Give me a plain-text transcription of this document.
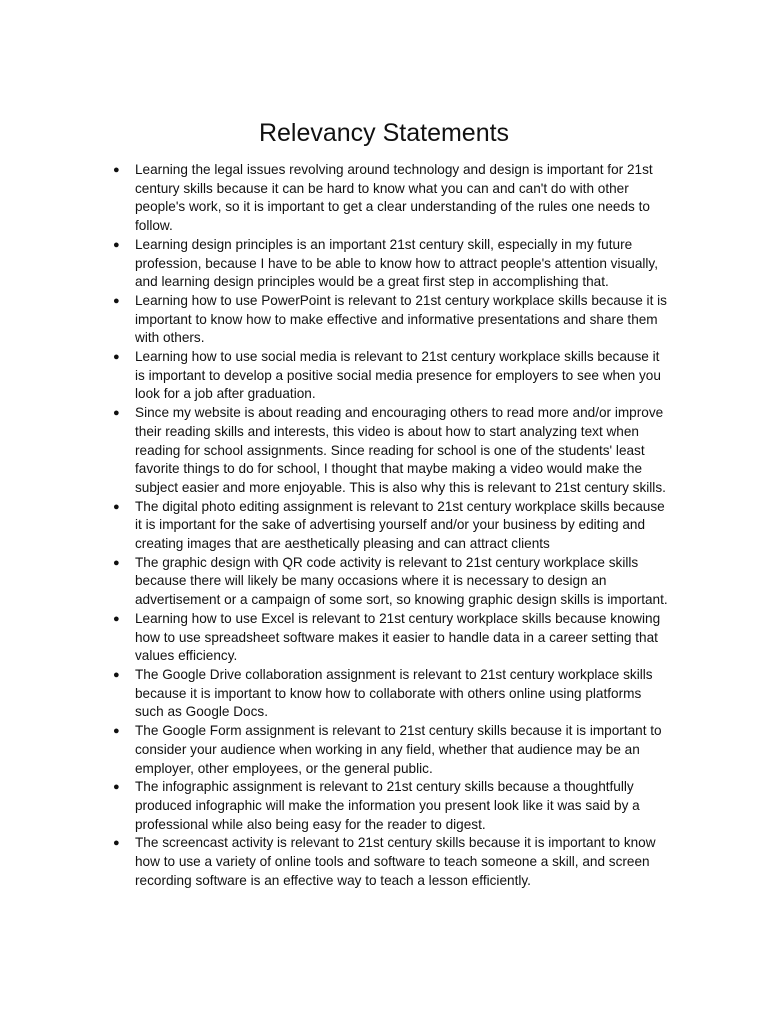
Relevancy Statements
● Learning the legal issues revolving around technology and design is important for 21st
century skills because it can be hard to know what you can and can't do with other
people's work, so it is important to get a clear understanding of the rules one needs to
follow.
● Learning design principles is an important 21st century skill, especially in my future
profession, because I have to be able to know how to attract people's attention visually,
and learning design principles would be a great first step in accomplishing that.
● Learning how to use PowerPoint is relevant to 21st century workplace skills because it is
important to know how to make effective and informative presentations and share them
with others.
● Learning how to use social media is relevant to 21st century workplace skills because it
is important to develop a positive social media presence for employers to see when you
look for a job after graduation.
● Since my website is about reading and encouraging others to read more and/or improve
their reading skills and interests, this video is about how to start analyzing text when
reading for school assignments. Since reading for school is one of the students' least
favorite things to do for school, I thought that maybe making a video would make the
subject easier and more enjoyable. This is also why this is relevant to 21st century skills.
● The digital photo editing assignment is relevant to 21st century workplace skills because
it is important for the sake of advertising yourself and/or your business by editing and
creating images that are aesthetically pleasing and can attract clients
● The graphic design with QR code activity is relevant to 21st century workplace skills
because there will likely be many occasions where it is necessary to design an
advertisement or a campaign of some sort, so knowing graphic design skills is important.
● Learning how to use Excel is relevant to 21st century workplace skills because knowing
how to use spreadsheet software makes it easier to handle data in a career setting that
values efficiency.
● The Google Drive collaboration assignment is relevant to 21st century workplace skills
because it is important to know how to collaborate with others online using platforms
such as Google Docs.
● The Google Form assignment is relevant to 21st century skills because it is important to
consider your audience when working in any field, whether that audience may be an
employer, other employees, or the general public.
● The infographic assignment is relevant to 21st century skills because a thoughtfully
produced infographic will make the information you present look like it was said by a
professional while also being easy for the reader to digest.
● The screencast activity is relevant to 21st century skills because it is important to know
how to use a variety of online tools and software to teach someone a skill, and screen
recording software is an effective way to teach a lesson efficiently.
